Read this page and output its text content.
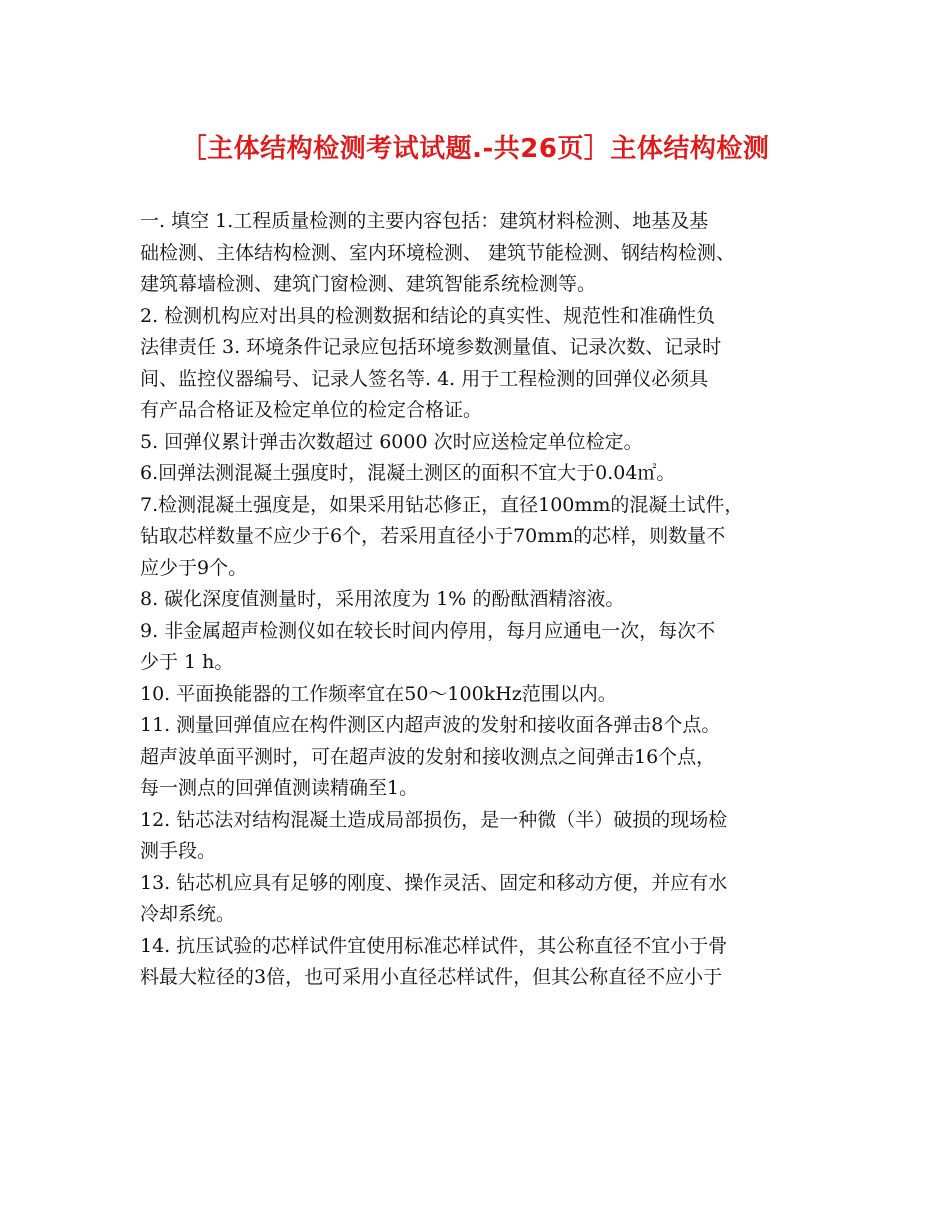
［主体结构检测考试试题.-共26页］主体结构检测
一. 填空 1.工程质量检测的主要内容包括：建筑材料检测、地基及基
础检测、主体结构检测、室内环境检测、 建筑节能检测、钢结构检测、
建筑幕墙检测、建筑门窗检测、建筑智能系统检测等。
2. 检测机构应对出具的检测数据和结论的真实性、规范性和准确性负
法律责任 3. 环境条件记录应包括环境参数测量值、记录次数、记录时
间、监控仪器编号、记录人签名等. 4. 用于工程检测的回弹仪必须具
有产品合格证及检定单位的检定合格证。
5. 回弹仪累计弹击次数超过 6000 次时应送检定单位检定。
6.回弹法测混凝土强度时，混凝土测区的面积不宜大于0.04㎡。
7.检测混凝土强度是，如果采用钻芯修正，直径100mm的混凝土试件，
钻取芯样数量不应少于6个，若采用直径小于70mm的芯样，则数量不
应少于9个。
8. 碳化深度值测量时，采用浓度为 1% 的酚酞酒精溶液。
9. 非金属超声检测仪如在较长时间内停用，每月应通电一次，每次不
少于 1 h。
10. 平面换能器的工作频率宜在50～100kHz范围以内。
11. 测量回弹值应在构件测区内超声波的发射和接收面各弹击8个点。
超声波单面平测时，可在超声波的发射和接收测点之间弹击16个点，
每一测点的回弹值测读精确至1。
12. 钻芯法对结构混凝土造成局部损伤，是一种微（半）破损的现场检
测手段。
13. 钻芯机应具有足够的刚度、操作灵活、固定和移动方便，并应有水
冷却系统。
14. 抗压试验的芯样试件宜使用标准芯样试件，其公称直径不宜小于骨
料最大粒径的3倍，也可采用小直径芯样试件，但其公称直径不应小于
